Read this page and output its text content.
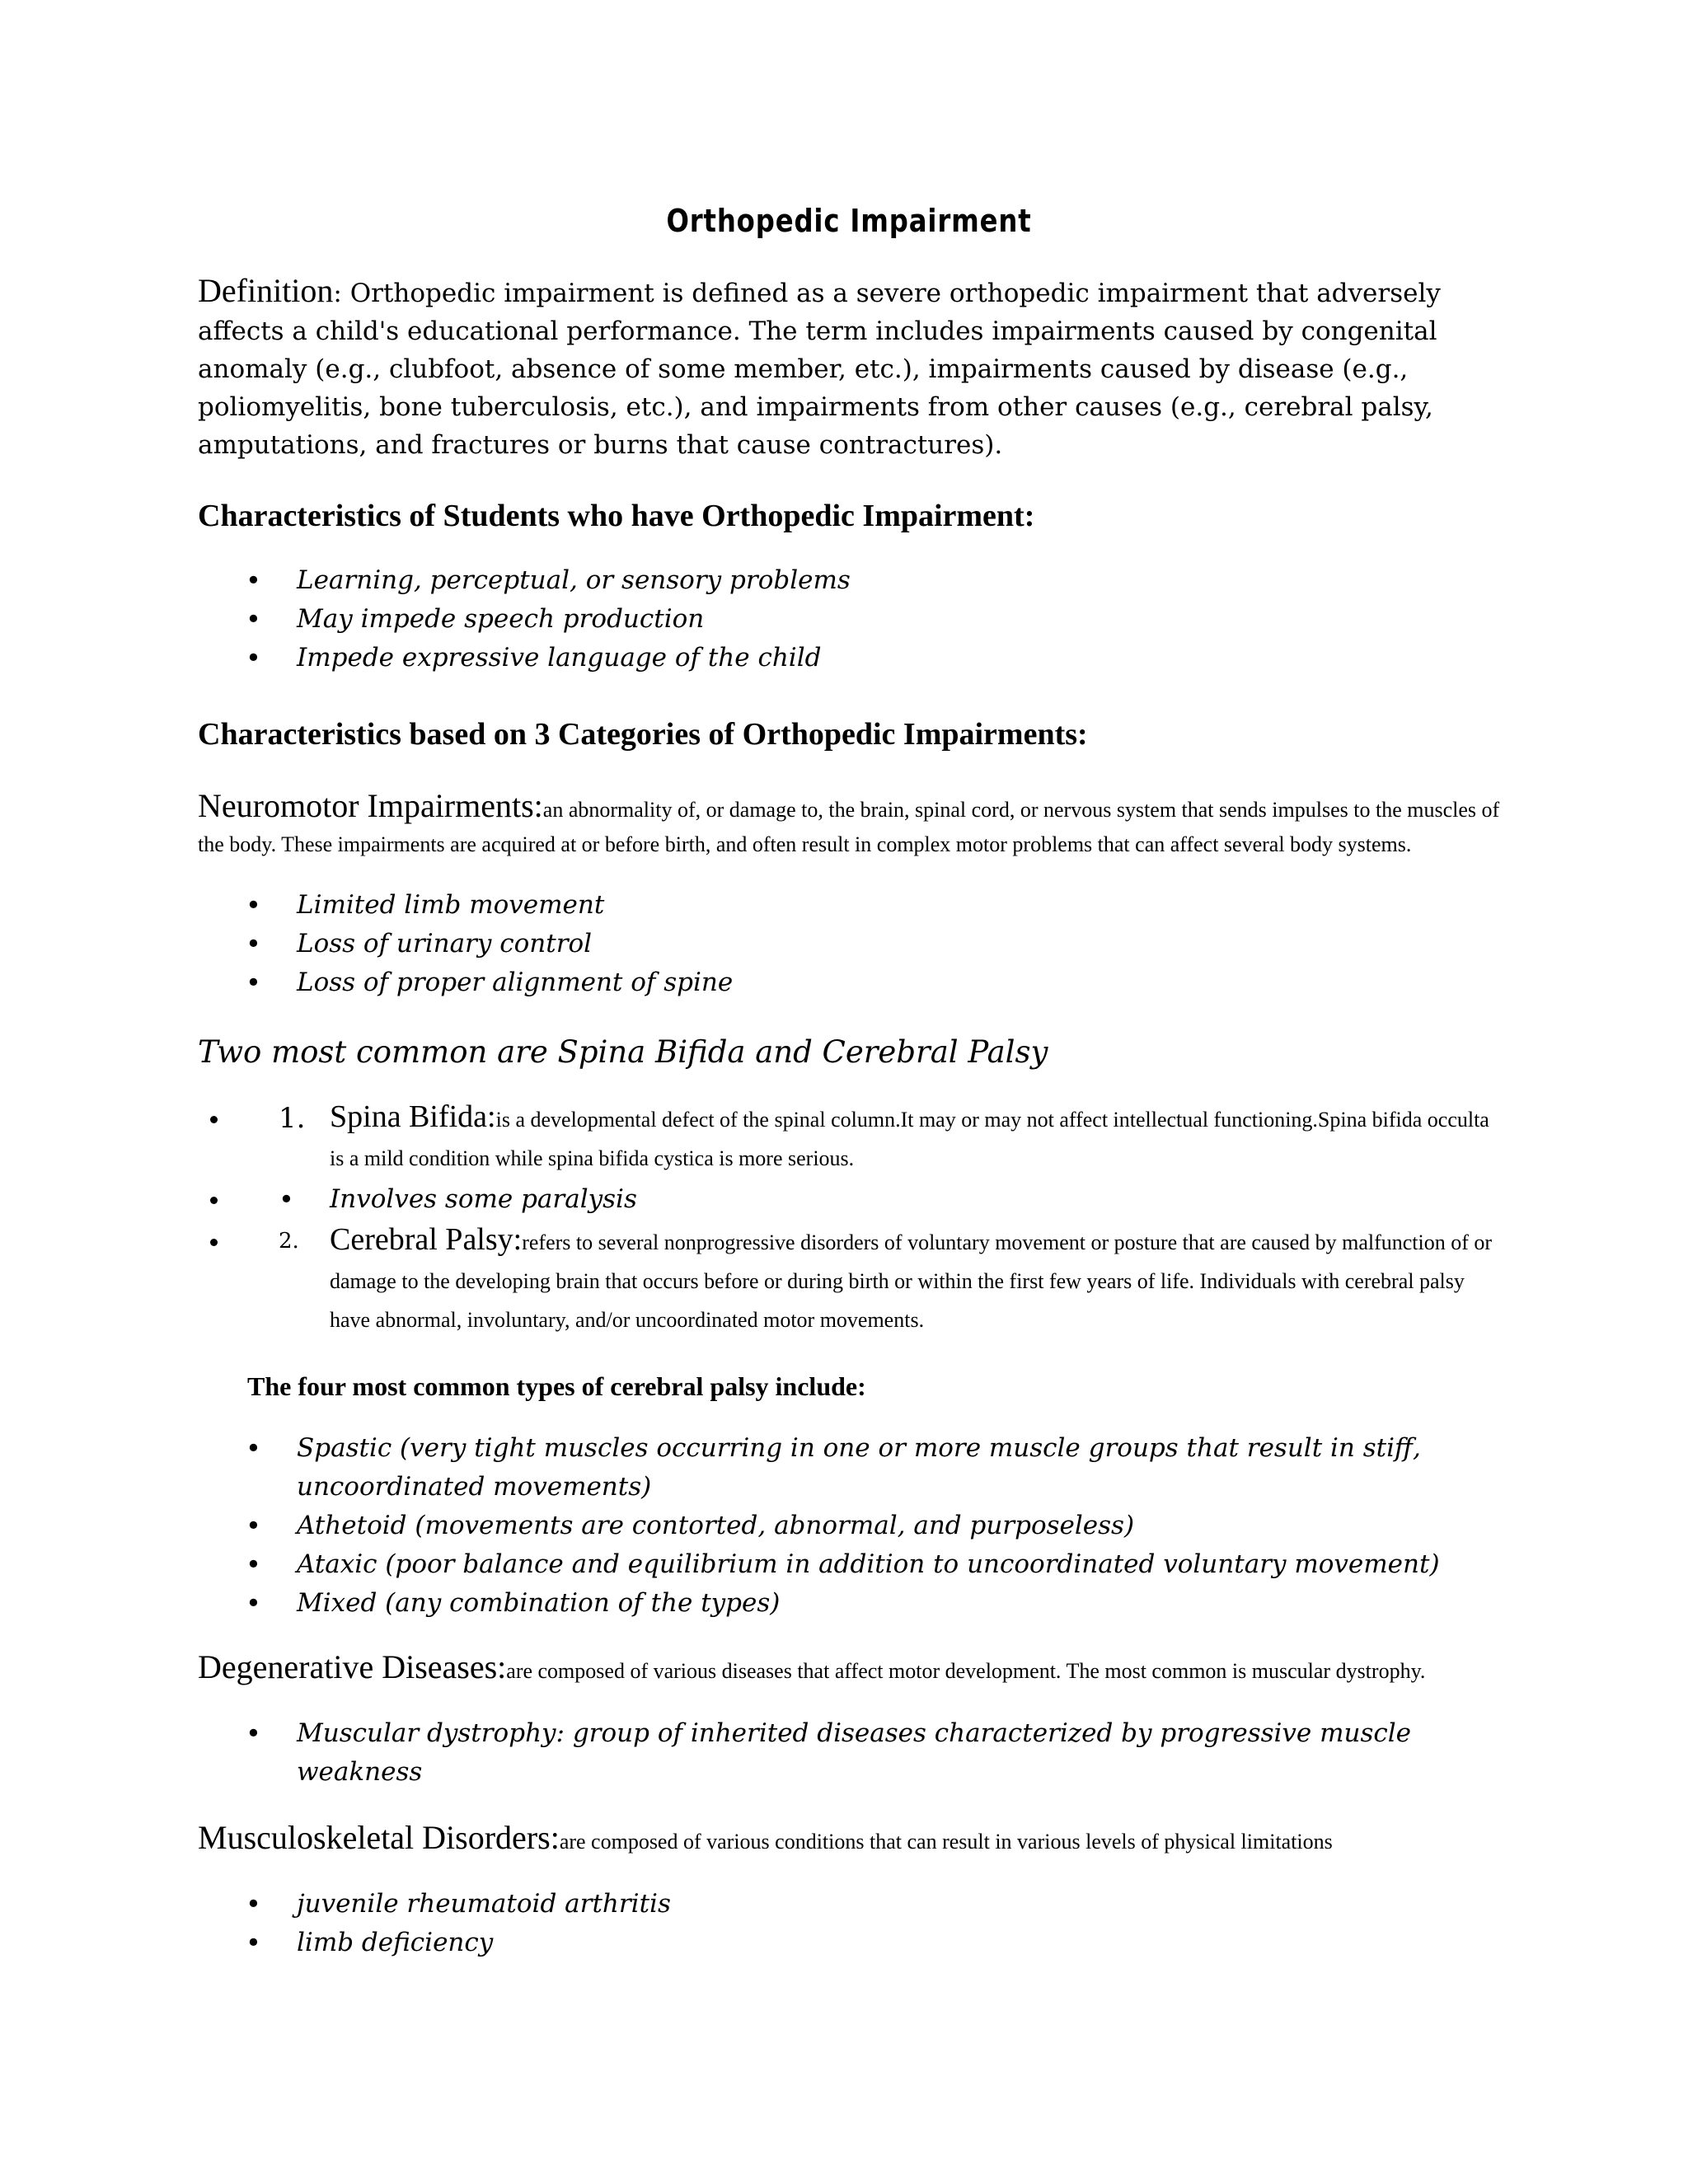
Orthopedic Impairment

Definition: Orthopedic impairment is defined as a severe orthopedic impairment that adversely affects a child's educational performance. The term includes impairments caused by congenital anomaly (e.g., clubfoot, absence of some member, etc.), impairments caused by disease (e.g., poliomyelitis, bone tuberculosis, etc.), and impairments from other causes (e.g., cerebral palsy, amputations, and fractures or burns that cause contractures).

Characteristics of Students who have Orthopedic Impairment:
• Learning, perceptual, or sensory problems
• May impede speech production
• Impede expressive language of the child
Characteristics based on 3 Categories of Orthopedic Impairments:

Neuromotor Impairments:an abnormality of, or damage to, the brain, spinal cord, or nervous system that sends impulses to the muscles of the body. These impairments are acquired at or before birth, and often result in complex motor problems that can affect several body systems.

• Limited limb movement
• Loss of urinary control
• Loss of proper alignment of spine

Two most common are Spina Bifida and Cerebral Palsy

• 1. Spina Bifida:is a developmental defect of the spinal column.It may or may not affect intellectual functioning.Spina bifida occulta is a mild condition while spina bifida cystica is more serious.
• • Involves some paralysis
• 2. Cerebral Palsy:refers to several nonprogressive disorders of voluntary movement or posture that are caused by malfunction of or damage to the developing brain that occurs before or during birth or within the first few years of life. Individuals with cerebral palsy have abnormal, involuntary, and/or uncoordinated motor movements.

The four most common types of cerebral palsy include:

• Spastic (very tight muscles occurring in one or more muscle groups that result in stiff, uncoordinated movements)
• Athetoid (movements are contorted, abnormal, and purposeless)
• Ataxic (poor balance and equilibrium in addition to uncoordinated voluntary movement)
• Mixed (any combination of the types)

Degenerative Diseases:are composed of various diseases that affect motor development. The most common is muscular dystrophy.

• Muscular dystrophy: group of inherited diseases characterized by progressive muscle weakness

Musculoskeletal Disorders:are composed of various conditions that can result in various levels of physical limitations

• juvenile rheumatoid arthritis
• limb deficiency
